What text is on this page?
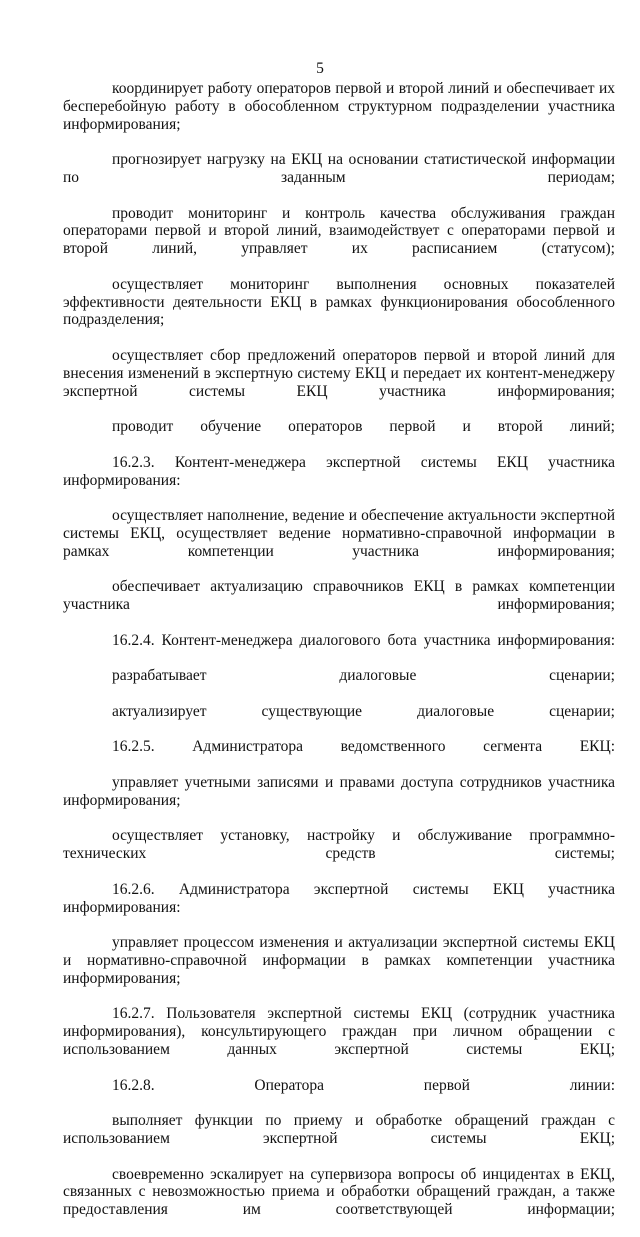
5

координирует работу операторов первой и второй линий и обеспечивает их бесперебойную работу в обособленном структурном подразделении участника информирования;

прогнозирует нагрузку на ЕКЦ на основании статистической информации по заданным периодам;

проводит мониторинг и контроль качества обслуживания граждан операторами первой и второй линий, взаимодействует с операторами первой и второй линий, управляет их расписанием (статусом);

осуществляет мониторинг выполнения основных показателей эффективности деятельности ЕКЦ в рамках функционирования обособленного подразделения;

осуществляет сбор предложений операторов первой и второй линий для внесения изменений в экспертную систему ЕКЦ и передает их контент-менеджеру экспертной системы ЕКЦ участника информирования;

проводит обучение операторов первой и второй линий;

16.2.3. Контент-менеджера экспертной системы ЕКЦ участника информирования:

осуществляет наполнение, ведение и обеспечение актуальности экспертной системы ЕКЦ, осуществляет ведение нормативно-справочной информации в рамках компетенции участника информирования;

обеспечивает актуализацию справочников ЕКЦ в рамках компетенции участника информирования;

16.2.4. Контент-менеджера диалогового бота участника информирования:

разрабатывает диалоговые сценарии;

актуализирует существующие диалоговые сценарии;

16.2.5. Администратора ведомственного сегмента ЕКЦ:

управляет учетными записями и правами доступа сотрудников участника информирования;

осуществляет установку, настройку и обслуживание программно-технических средств системы;

16.2.6. Администратора экспертной системы ЕКЦ участника информирования:

управляет процессом изменения и актуализации экспертной системы ЕКЦ и нормативно-справочной информации в рамках компетенции участника информирования;

16.2.7. Пользователя экспертной системы ЕКЦ (сотрудник участника информирования), консультирующего граждан при личном обращении с использованием данных экспертной системы ЕКЦ;

16.2.8. Оператора первой линии:

выполняет функции по приему и обработке обращений граждан с использованием экспертной системы ЕКЦ;

своевременно эскалирует на супервизора вопросы об инцидентах в ЕКЦ, связанных с невозможностью приема и обработки обращений граждан, а также предоставления им соответствующей информации;
